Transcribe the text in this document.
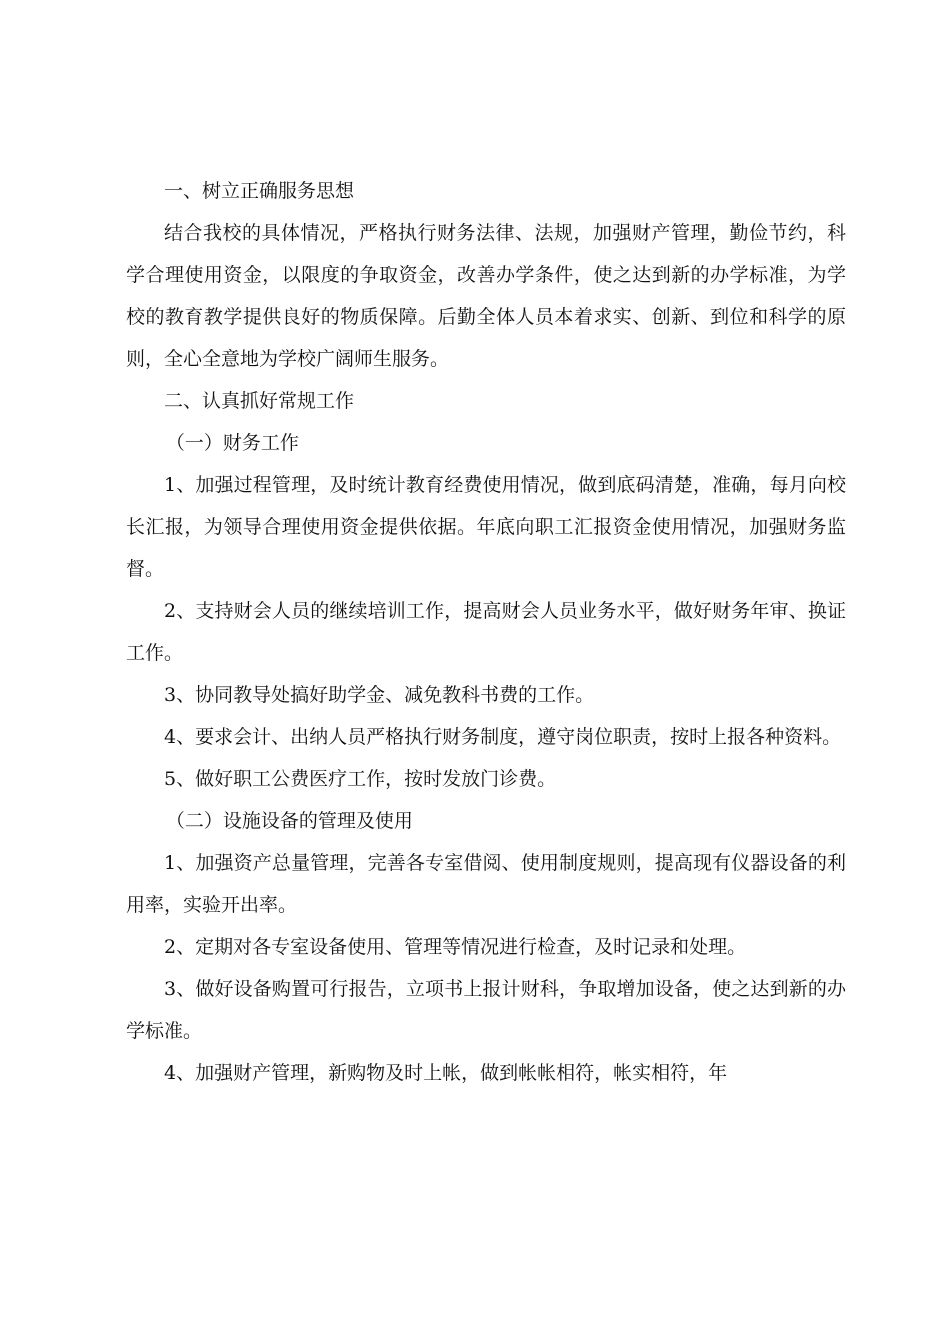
一、树立正确服务思想

结合我校的具体情况，严格执行财务法律、法规，加强财产管理，勤俭节约，科学合理使用资金，以限度的争取资金，改善办学条件，使之达到新的办学标准，为学校的教育教学提供良好的物质保障。后勤全体人员本着求实、创新、到位和科学的原则，全心全意地为学校广阔师生服务。

二、认真抓好常规工作

（一）财务工作

1、加强过程管理，及时统计教育经费使用情况，做到底码清楚，准确，每月向校长汇报，为领导合理使用资金提供依据。年底向职工汇报资金使用情况，加强财务监督。

2、支持财会人员的继续培训工作，提高财会人员业务水平，做好财务年审、换证工作。

3、协同教导处搞好助学金、减免教科书费的工作。

4、要求会计、出纳人员严格执行财务制度，遵守岗位职责，按时上报各种资料。

5、做好职工公费医疗工作，按时发放门诊费。

（二）设施设备的管理及使用

1、加强资产总量管理，完善各专室借阅、使用制度规则，提高现有仪器设备的利用率，实验开出率。

2、定期对各专室设备使用、管理等情况进行检查，及时记录和处理。

3、做好设备购置可行报告，立项书上报计财科，争取增加设备，使之达到新的办学标准。

4、加强财产管理，新购物及时上帐，做到帐帐相符，帐实相符，年
